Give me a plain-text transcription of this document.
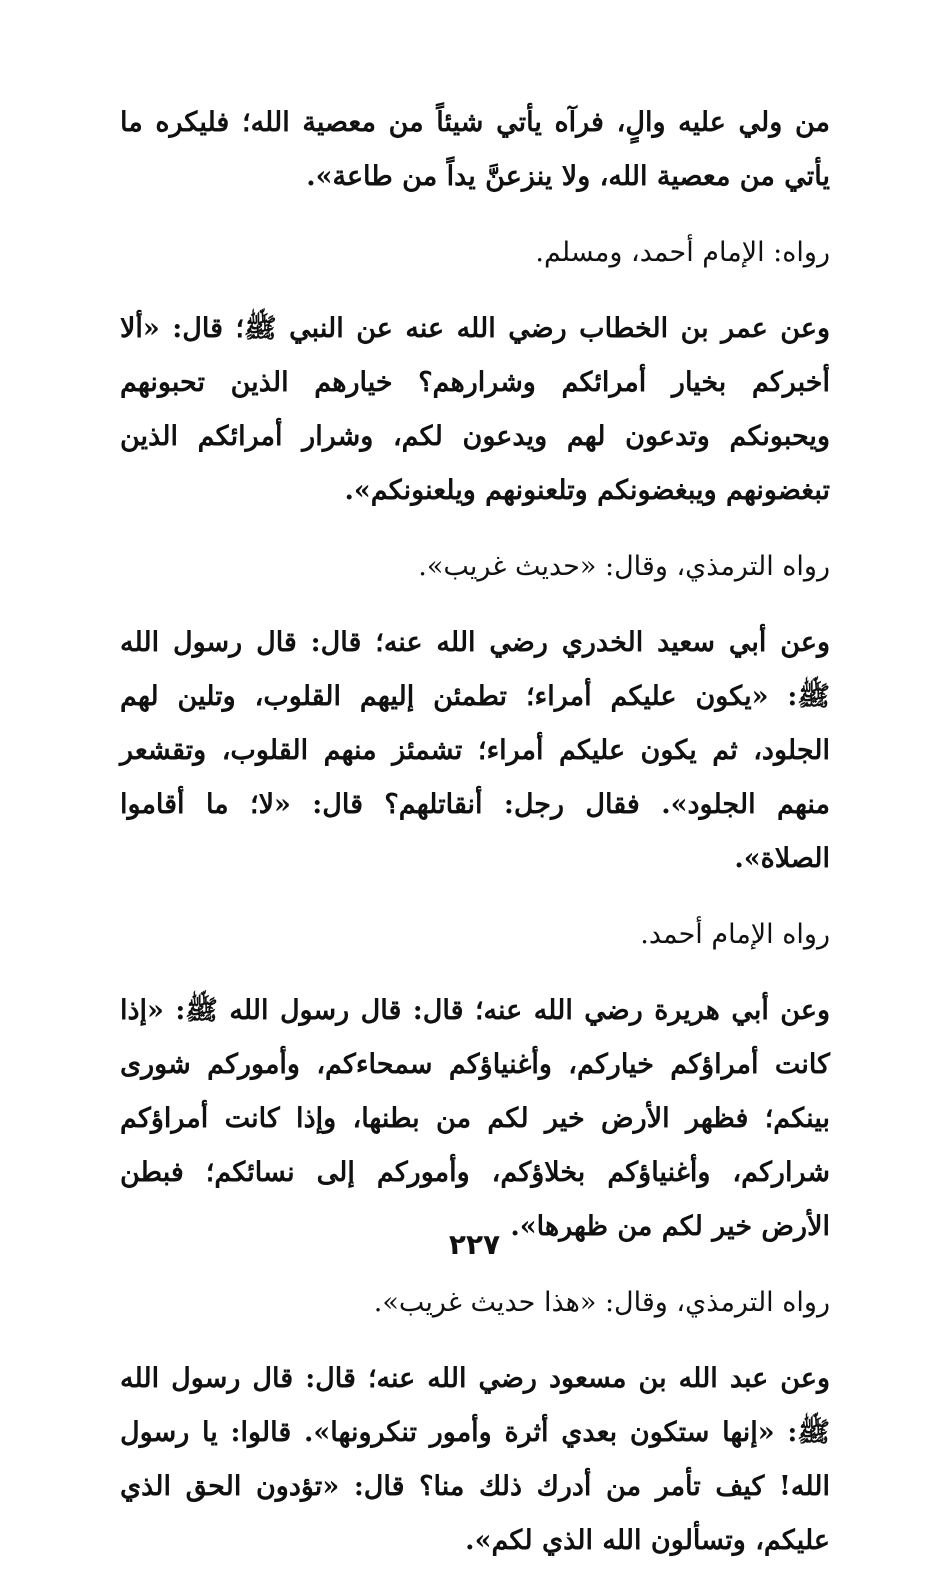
من ولي عليه والٍ، فرآه يأتي شيئاً من معصية الله؛ فليكره ما يأتي من معصية الله، ولا ينزعنَّ يداً من طاعة».

رواه: الإمام أحمد، ومسلم.

وعن عمر بن الخطاب رضي الله عنه عن النبي ﷺ؛ قال: «ألا أخبركم بخيار أمرائكم وشرارهم؟ خيارهم الذين تحبونهم ويحبونكم وتدعون لهم ويدعون لكم، وشرار أمرائكم الذين تبغضونهم ويبغضونكم وتلعنونهم ويلعنونكم».

رواه الترمذي، وقال: «حديث غريب».

وعن أبي سعيد الخدري رضي الله عنه؛ قال: قال رسول الله ﷺ: «يكون عليكم أمراء؛ تطمئن إليهم القلوب، وتلين لهم الجلود، ثم يكون عليكم أمراء؛ تشمئز منهم القلوب، وتقشعر منهم الجلود». فقال رجل: أنقاتلهم؟ قال: «لا؛ ما أقاموا الصلاة».

رواه الإمام أحمد.

وعن أبي هريرة رضي الله عنه؛ قال: قال رسول الله ﷺ: «إذا كانت أمراؤكم خياركم، وأغنياؤكم سمحاءكم، وأموركم شورى بينكم؛ فظهر الأرض خير لكم من بطنها، وإذا كانت أمراؤكم شراركم، وأغنياؤكم بخلاؤكم، وأموركم إلى نسائكم؛ فبطن الأرض خير لكم من ظهرها».

رواه الترمذي، وقال: «هذا حديث غريب».

وعن عبد الله بن مسعود رضي الله عنه؛ قال: قال رسول الله ﷺ: «إنها ستكون بعدي أثرة وأمور تنكرونها». قالوا: يا رسول الله! كيف تأمر من أدرك ذلك منا؟ قال: «تؤدون الحق الذي عليكم، وتسألون الله الذي لكم».

٢٢٧
